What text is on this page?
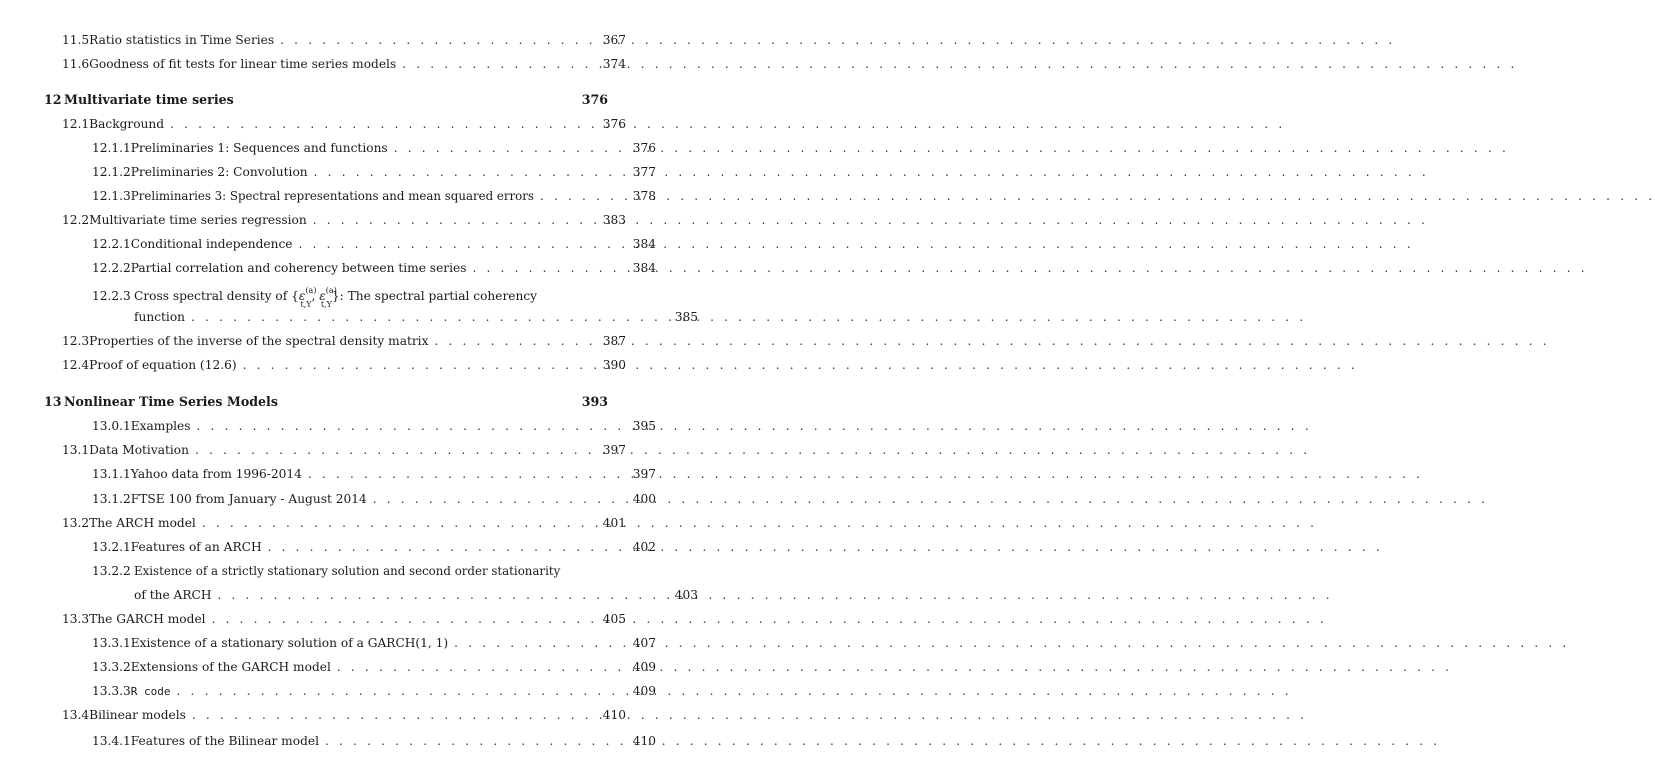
11.5 Ratio statistics in Time Series . . .	367
11.6 Goodness of fit tests for linear time series models . . .	374
12 Multivariate time series	376
12.1 Background . . .	376
12.1.1 Preliminaries 1: Sequences and functions . . .	376
12.1.2 Preliminaries 2: Convolution . . .	377
12.1.3 Preliminaries 3: Spectral representations and mean squared errors . . .	378
12.2 Multivariate time series regression . . .	383
12.2.1 Conditional independence . . .	384
12.2.2 Partial correlation and coherency between time series . . .	384
12.2.3 Cross spectral density of {$\varepsilon^{(a)}_{t,Y}$, $\varepsilon^{(a)}_{t,Y}$}: The spectral partial coherency
function . . .	385
12.3 Properties of the inverse of the spectral density matrix . . .	387
12.4 Proof of equation (12.6) . . .	390
13 Nonlinear Time Series Models	393
13.0.1 Examples . . .	395
13.1 Data Motivation . . .	397
13.1.1 Yahoo data from 1996-2014 . . .	397
13.1.2 FTSE 100 from January - August 2014 . . .	400
13.2 The ARCH model . . .	401
13.2.1 Features of an ARCH . . .	402
13.2.2 Existence of a strictly stationary solution and second order stationarity
of the ARCH . . .	403
13.3 The GARCH model . . .	405
13.3.1 Existence of a stationary solution of a GARCH(1, 1) . . .	407
13.3.2 Extensions of the GARCH model . . .	409
13.3.3 R code . . .	409
13.4 Bilinear models . . .	410
13.4.1 Features of the Bilinear model . . .	410
